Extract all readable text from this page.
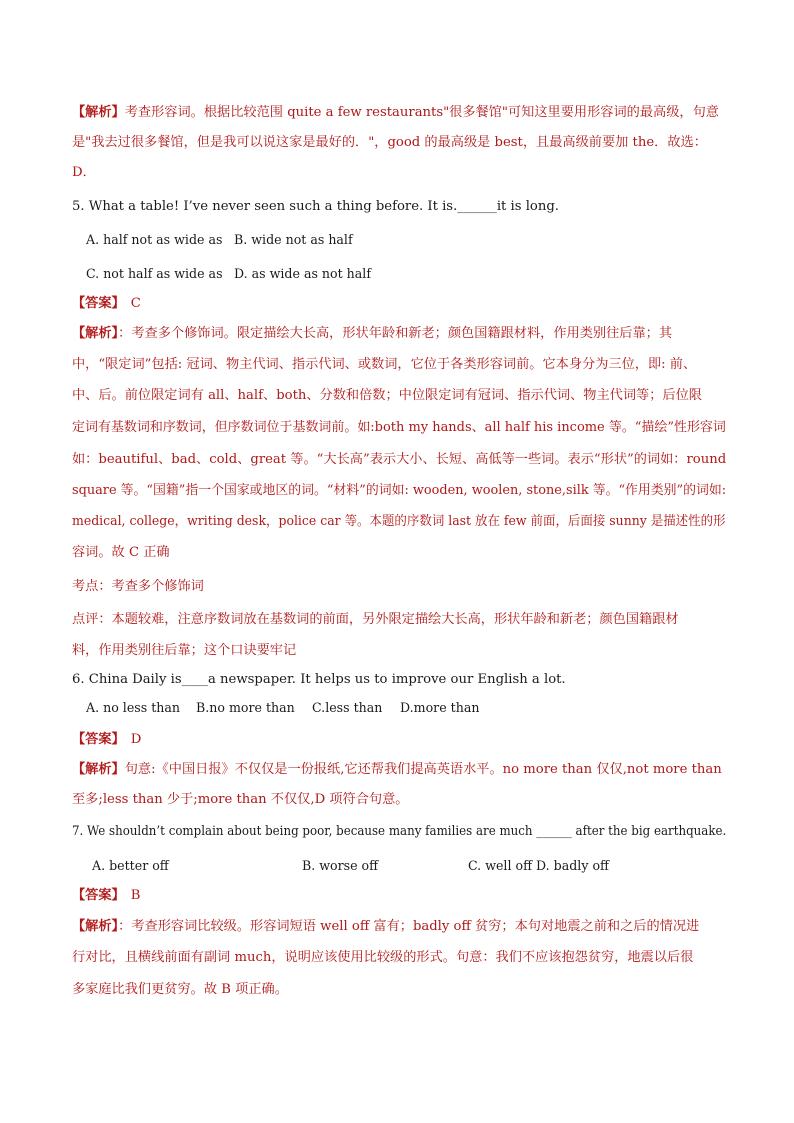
【解析】考查形容词。根据比较范围 quite a few restaurants"很多餐馆"可知这里要用形容词的最高级，句意
是"我去过很多餐馆，但是我可以说这家是最好的．"，good 的最高级是 best，且最高级前要加 the．故选：
D．
5. What a table! I’ve never seen such a thing before. It is.______it is long.
A. half not as wide as B. wide not as half
C. not half as wide as D. as wide as not half
【答案】 C
【解析】：考查多个修饰词。限定描绘大长高，形状年龄和新老；颜色国籍跟材料，作用类别往后靠；其
中，“限定词”包括: 冠词、物主代词、指示代词、或数词，它位于各类形容词前。它本身分为三位，即: 前、
中、后。前位限定词有 all、half、both、分数和倍数；中位限定词有冠词、指示代词、物主代词等；后位限
定词有基数词和序数词，但序数词位于基数词前。如:both my hands、all half his income 等。“描绘”性形容词
如：beautiful、bad、cold、great 等。“大长高”表示大小、长短、高低等一些词。表示“形状”的词如：round
square 等。“国籍”指一个国家或地区的词。“材料”的词如: wooden, woolen, stone,silk 等。“作用类别”的词如:
medical, college，writing desk，police car 等。本题的序数词 last 放在 few 前面，后面接 sunny 是描述性的形
容词。故 C 正确
考点：考查多个修饰词
点评：本题较难，注意序数词放在基数词的前面，另外限定描绘大长高，形状年龄和新老；颜色国籍跟材
料，作用类别往后靠；这个口诀要牢记
6. China Daily is____a newspaper. It helps us to improve our English a lot.
A. no less than B.no more than C.less than D.more than
【答案】 D
【解析】句意:《中国日报》不仅仅是一份报纸,它还帮我们提高英语水平。no more than 仅仅,not more than
至多;less than 少于;more than 不仅仅,D 项符合句意。
7. We shouldn’t complain about being poor, because many families are much ______ after the big earthquake.
A. better off	B. worse off	C. well off D. badly off
【答案】 B
【解析】：考查形容词比较级。形容词短语 well off 富有；badly off 贫穷；本句对地震之前和之后的情况进
行对比，且横线前面有副词 much，说明应该使用比较级的形式。句意：我们不应该抱怨贫穷，地震以后很
多家庭比我们更贫穷。故 B 项正确。
